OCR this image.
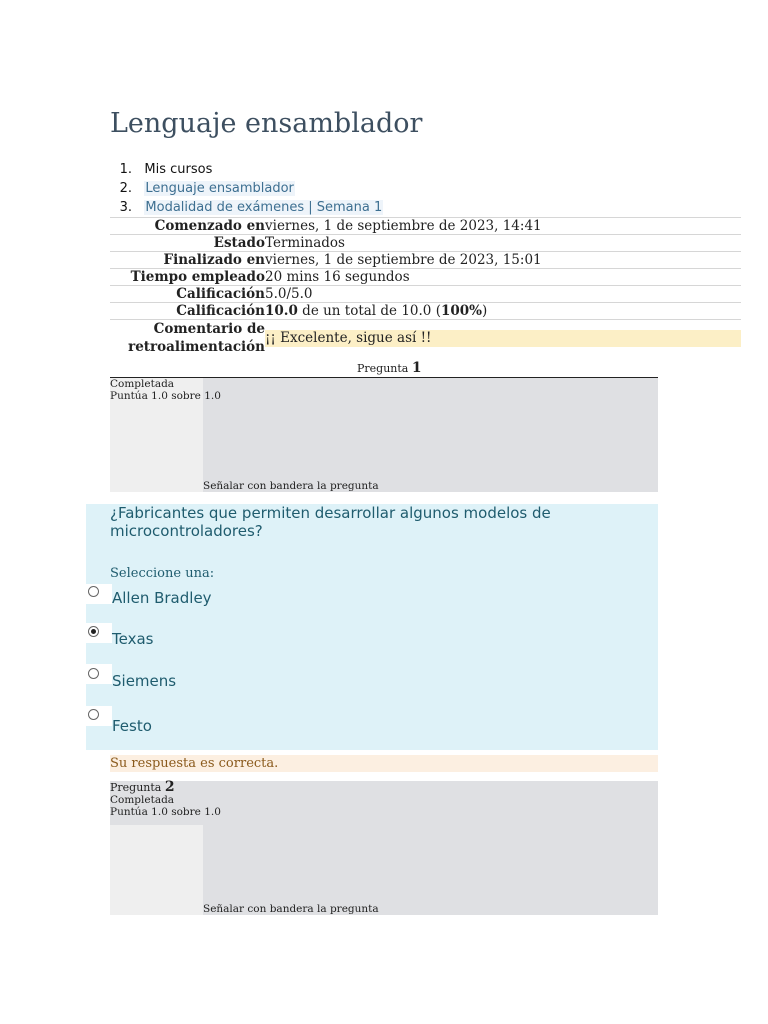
Lenguaje ensamblador
1. Mis cursos
2. Lenguaje ensamblador
3. Modalidad de exámenes | Semana 1
Comenzado en	viernes, 1 de septiembre de 2023, 14:41
Estado	Terminados
Finalizado en	viernes, 1 de septiembre de 2023, 15:01
Tiempo empleado	20 mins 16 segundos
Calificación	5.0/5.0
Calificación	10.0 de un total de 10.0 (100%)
Comentario de retroalimentación	¡¡ Excelente, sigue así !!
Pregunta 1
Completada
Puntúa 1.0 sobre 1.0
Señalar con bandera la pregunta

¿Fabricantes que permiten desarrollar algunos modelos de microcontroladores?

Seleccione una:
Allen Bradley
Texas
Siemens
Festo
Su respuesta es correcta.
Pregunta 2
Completada
Puntúa 1.0 sobre 1.0
Señalar con bandera la pregunta
